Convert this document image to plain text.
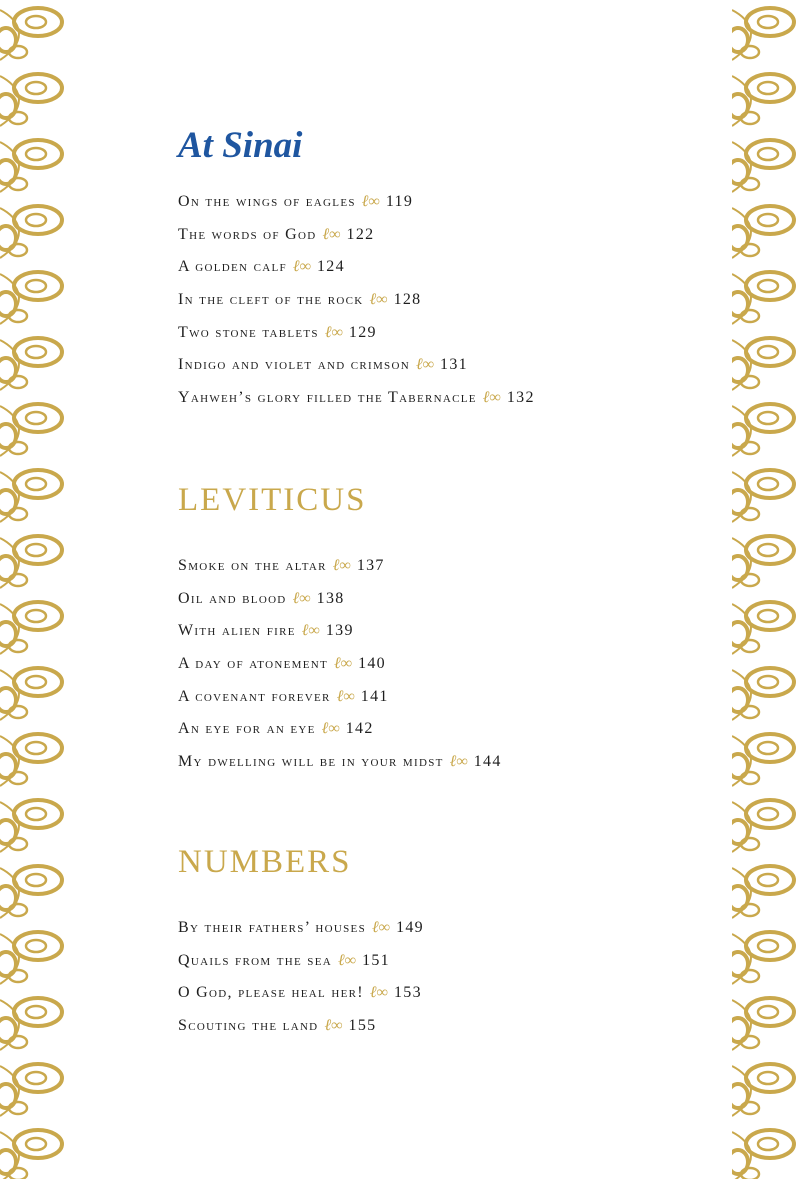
At Sinai
On the wings of eagles ℓ∞ 119
The words of God ℓ∞ 122
A golden calf ℓ∞ 124
In the cleft of the rock ℓ∞ 128
Two stone tablets ℓ∞ 129
Indigo and violet and crimson ℓ∞ 131
Yahweh’s glory filled the Tabernacle ℓ∞ 132
LEVITICUS
Smoke on the altar ℓ∞ 137
Oil and blood ℓ∞ 138
With alien fire ℓ∞ 139
A day of atonement ℓ∞ 140
A covenant forever ℓ∞ 141
An eye for an eye ℓ∞ 142
My dwelling will be in your midst ℓ∞ 144
NUMBERS
By their fathers’ houses ℓ∞ 149
Quails from the sea ℓ∞ 151
O God, please heal her! ℓ∞ 153
Scouting the land ℓ∞ 155
